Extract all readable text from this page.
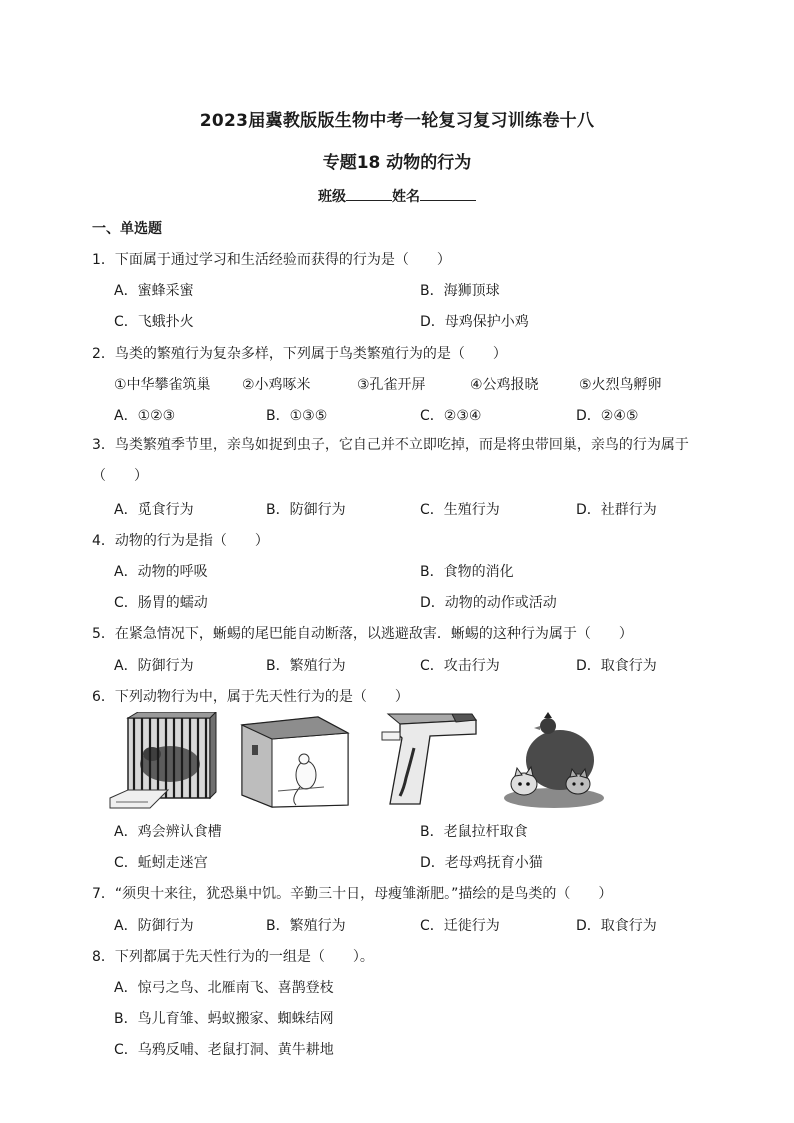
2023届冀教版版生物中考一轮复习复习训练卷十八
专题18 动物的行为
班级	姓名
一、单选题
1．下面属于通过学习和生活经验而获得的行为是（　　）
A．蜜蜂采蜜	B．海狮顶球
C．飞蛾扑火	D．母鸡保护小鸡
2．鸟类的繁殖行为复杂多样，下列属于鸟类繁殖行为的是（　　）
①中华攀雀筑巢 ②小鸡啄米	③孔雀开屏	④公鸡报晓	⑤火烈鸟孵卵
A．①②③	B．①③⑤	C．②③④	D．②④⑤
3．鸟类繁殖季节里，亲鸟如捉到虫子，它自己并不立即吃掉，而是将虫带回巢，亲鸟的行为属于（　　）
A．觅食行为	B．防御行为	C．生殖行为	D．社群行为
4．动物的行为是指（　　）
A．动物的呼吸	B．食物的消化
C．肠胃的蠕动	D．动物的动作或活动
5．在紧急情况下，蜥蜴的尾巴能自动断落，以逃避敌害．蜥蜴的这种行为属于（　　）
A．防御行为	B．繁殖行为	C．攻击行为	D．取食行为
6．下列动物行为中，属于先天性行为的是（　　）
A．鸡会辨认食槽	B．老鼠拉杆取食
C．蚯蚓走迷宫	D．老母鸡抚育小猫
7．“须臾十来往，犹恐巢中饥。辛勤三十日，母瘦雏渐肥。”描绘的是鸟类的（　　）
A．防御行为	B．繁殖行为	C．迁徙行为	D．取食行为
8．下列都属于先天性行为的一组是（　　）。
A．惊弓之鸟、北雁南飞、喜鹊登枝
B．鸟儿育雏、蚂蚁搬家、蜘蛛结网
C．乌鸦反哺、老鼠打洞、黄牛耕地
